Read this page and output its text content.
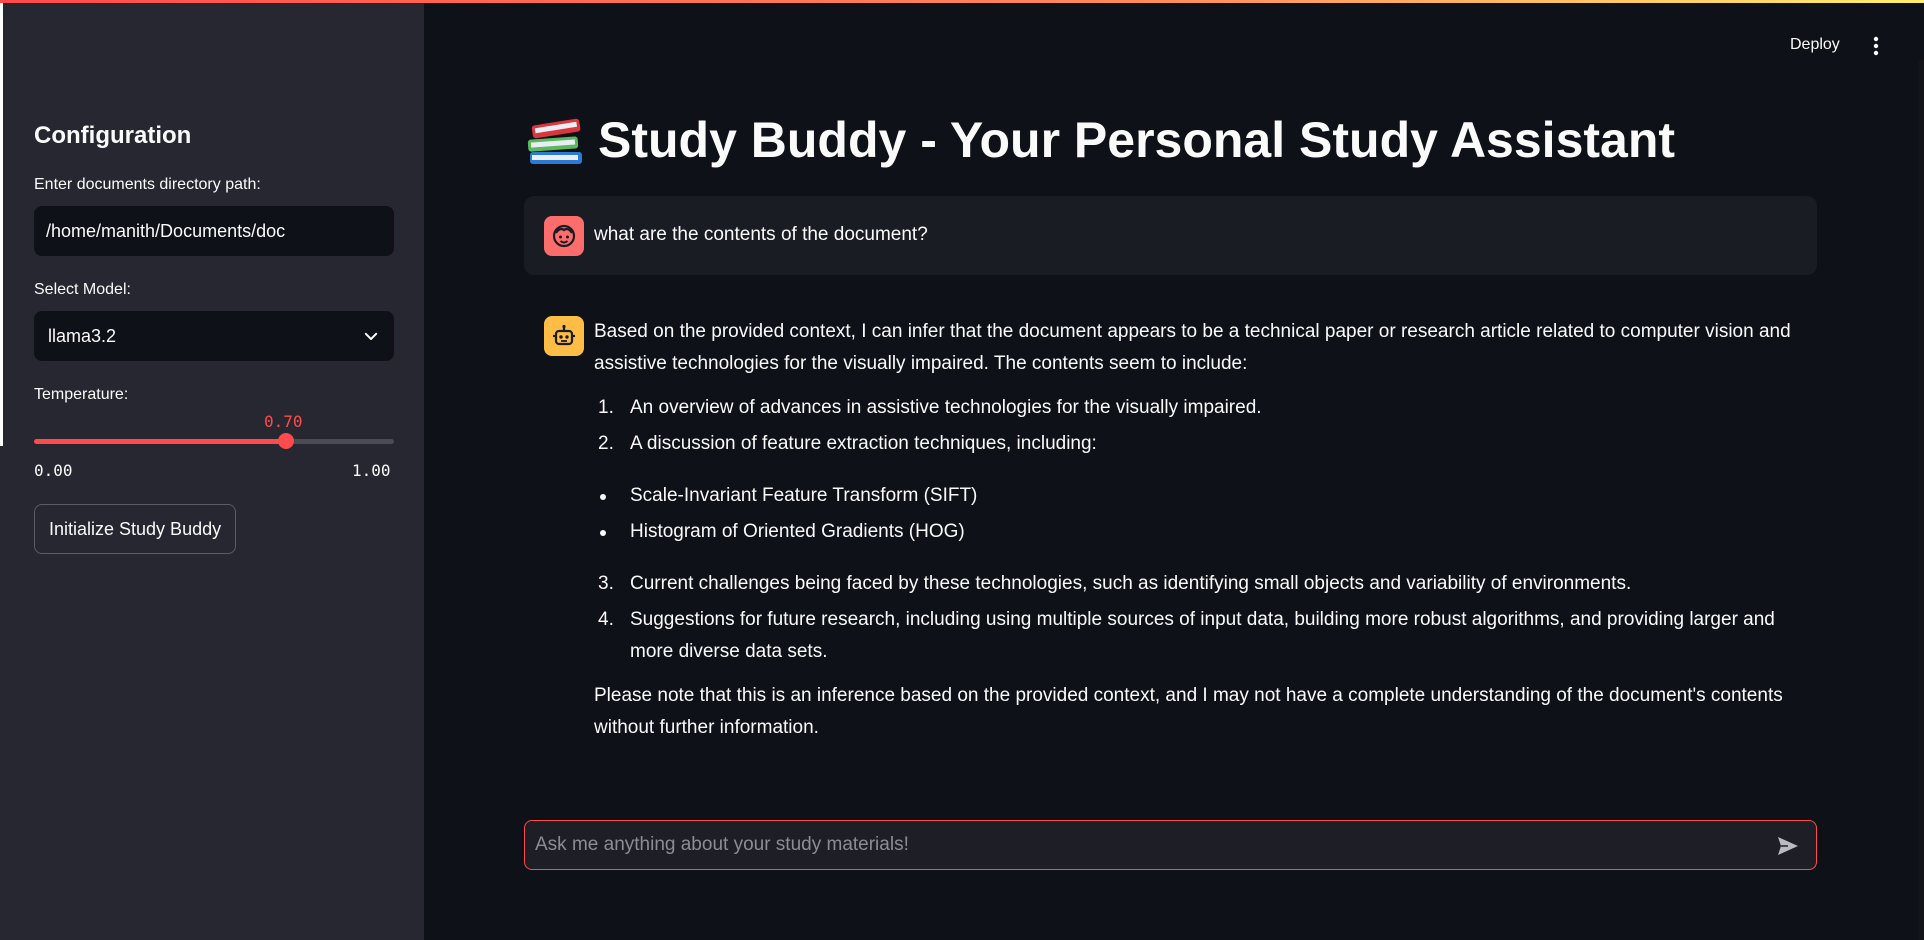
Configuration
Enter documents directory path:
/home/manith/Documents/doc
Select Model:
llama3.2
Temperature:
0.70
0.00	1.00
Initialize Study Buddy
Deploy
Study Buddy - Your Personal Study Assistant
what are the contents of the document?

Based on the provided context, I can infer that the document appears to be a technical paper or research article related to computer vision and assistive technologies for the visually impaired. The contents seem to include:

1. An overview of advances in assistive technologies for the visually impaired.
2. A discussion of feature extraction techniques, including:
Scale-Invariant Feature Transform (SIFT)
Histogram of Oriented Gradients (HOG)
3. Current challenges being faced by these technologies, such as identifying small objects and variability of environments.
4. Suggestions for future research, including using multiple sources of input data, building more robust algorithms, and providing larger and more diverse data sets.

Please note that this is an inference based on the provided context, and I may not have a complete understanding of the document's contents without further information.

Ask me anything about your study materials!
